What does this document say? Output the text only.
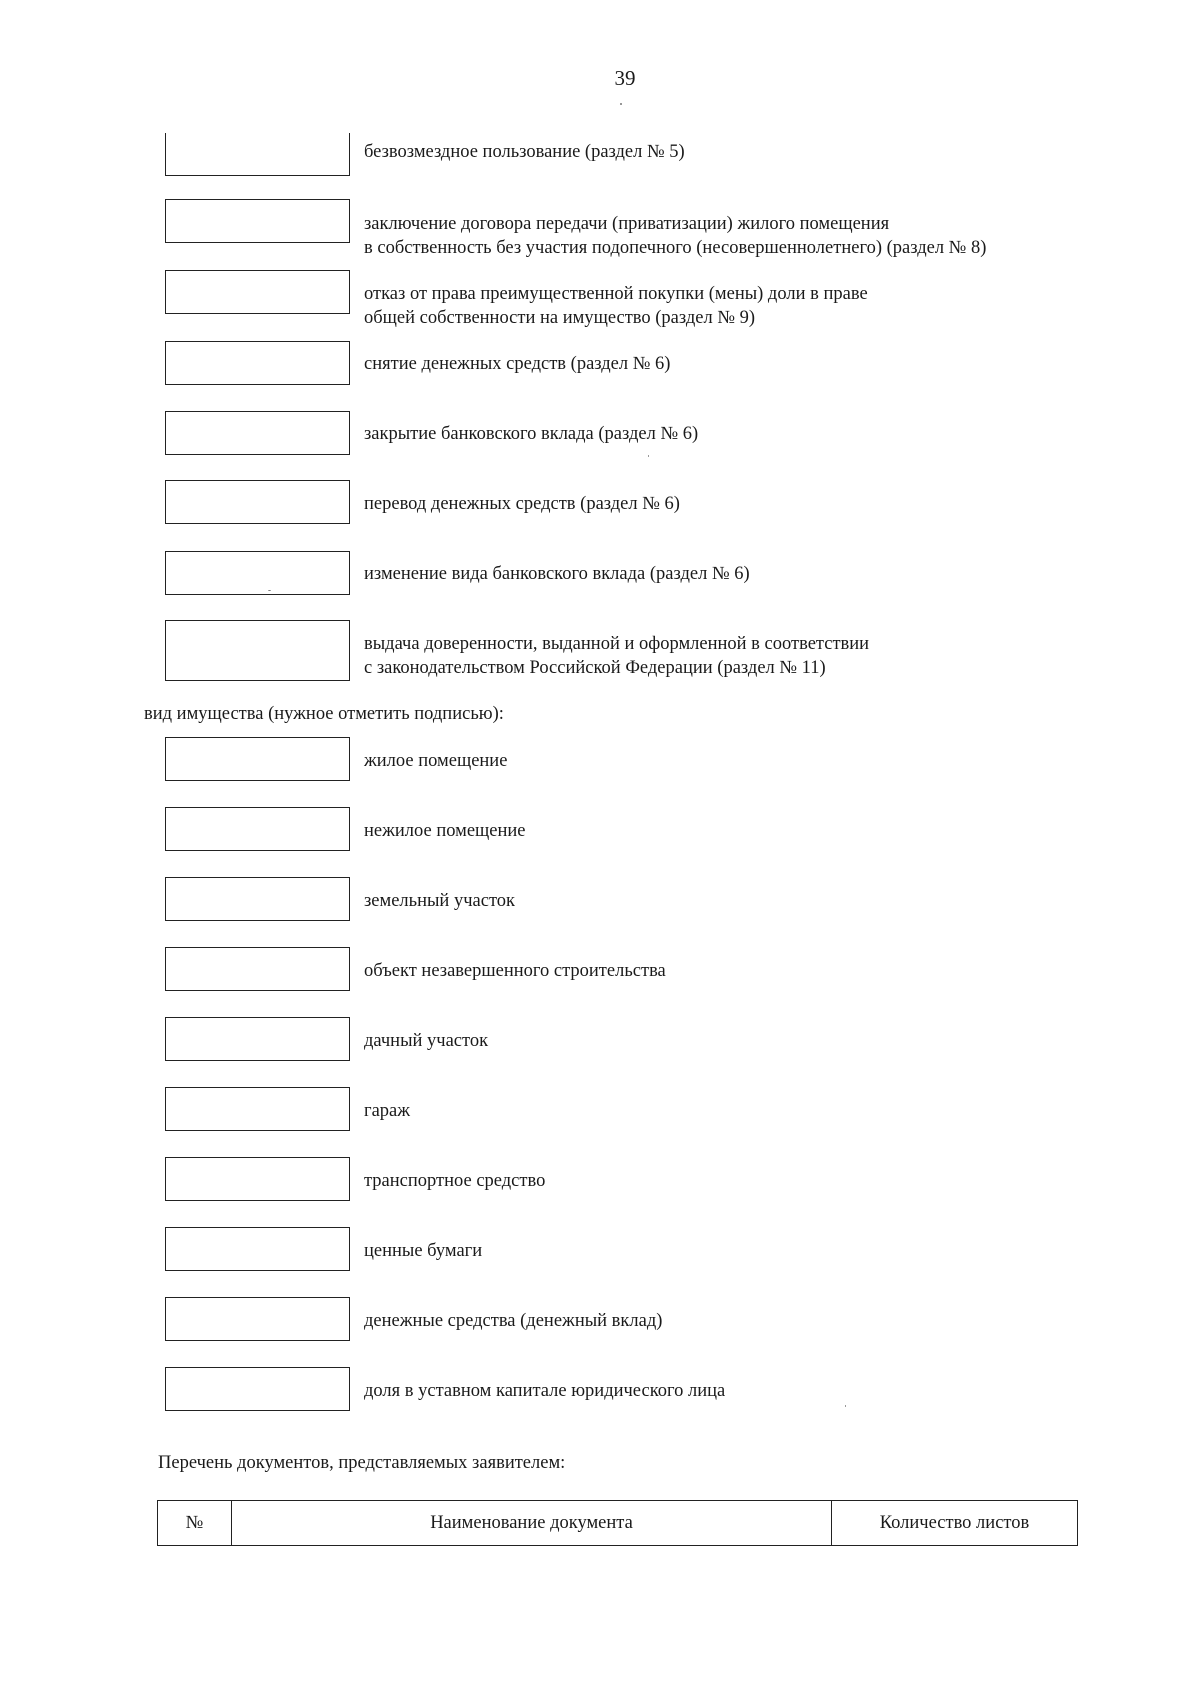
39
безвозмездное пользование (раздел № 5)
заключение договора передачи (приватизации) жилого помещения
в собственность без участия подопечного (несовершеннолетнего) (раздел № 8)
отказ от права преимущественной покупки (мены) доли в праве
общей собственности на имущество (раздел № 9)
снятие денежных средств (раздел № 6)
закрытие банковского вклада (раздел № 6)
перевод денежных средств (раздел № 6)
изменение вида банковского вклада (раздел № 6)
выдача доверенности, выданной и оформленной в соответствии
с законодательством Российской Федерации (раздел № 11)
вид имущества (нужное отметить подписью):
жилое помещение
нежилое помещение
земельный участок
объект незавершенного строительства
дачный участок
гараж
транспортное средство
ценные бумаги
денежные средства (денежный вклад)
доля в уставном капитале юридического лица
Перечень документов, представляемых заявителем:
№	Наименование документа	Количество листов
